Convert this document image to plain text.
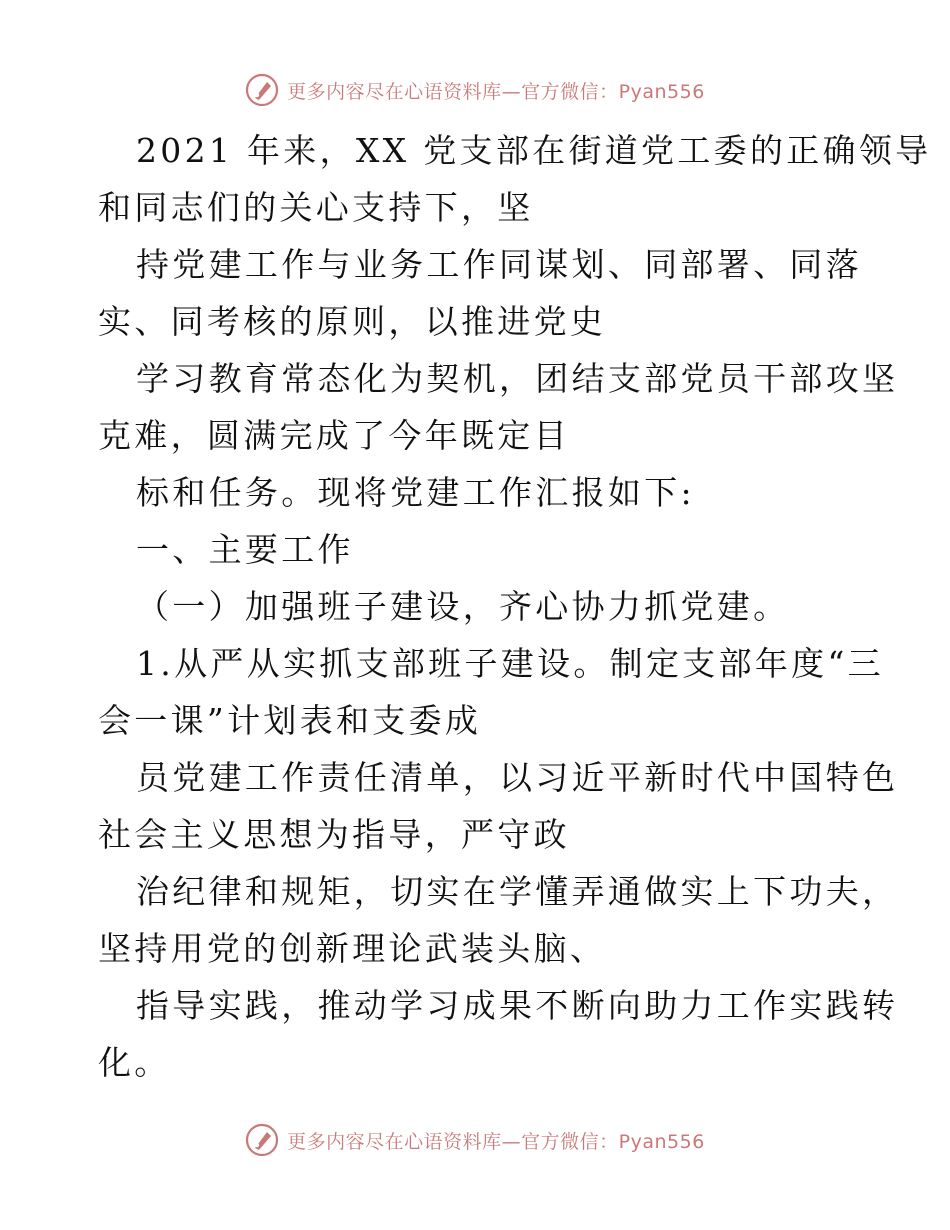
更多内容尽在心语资料库—官方微信：Pyan556
2021 年来，XX 党支部在街道党工委的正确领导
和同志们的关心支持下，坚
持党建工作与业务工作同谋划、同部署、同落
实、同考核的原则，以推进党史
学习教育常态化为契机，团结支部党员干部攻坚
克难，圆满完成了今年既定目
标和任务。现将党建工作汇报如下:
一、主要工作
（一）加强班子建设，齐心协力抓党建。
1.从严从实抓支部班子建设。制定支部年度“三
会一课”计划表和支委成
员党建工作责任清单，以习近平新时代中国特色
社会主义思想为指导，严守政
治纪律和规矩，切实在学懂弄通做实上下功夫，
坚持用党的创新理论武装头脑、
指导实践，推动学习成果不断向助力工作实践转
化。
更多内容尽在心语资料库—官方微信：Pyan556
